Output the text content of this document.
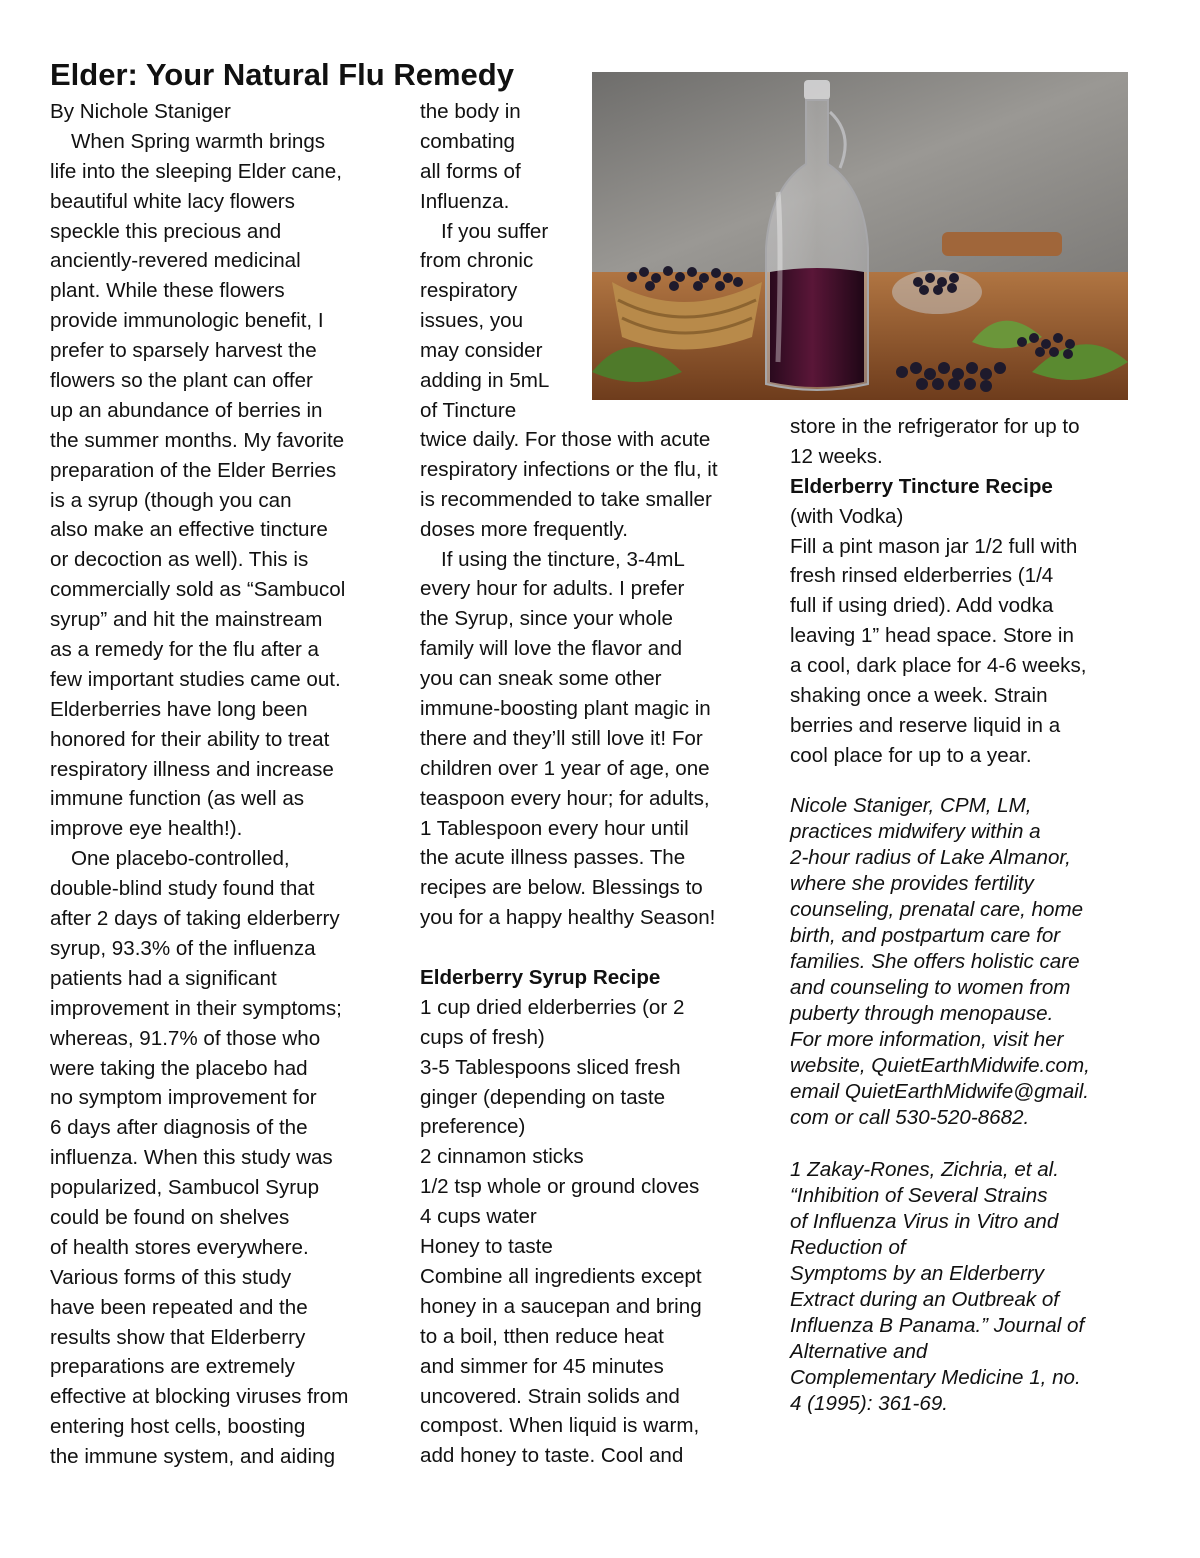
Elder: Your Natural Flu Remedy
By Nichole Staniger
When Spring warmth brings
life into the sleeping Elder cane,
beautiful white lacy flowers
speckle this precious and
anciently-revered medicinal
plant. While these flowers
provide immunologic benefit, I
prefer to sparsely harvest the
flowers so the plant can offer
up an abundance of berries in
the summer months. My favorite
preparation of the Elder Berries
is a syrup (though you can
also make an effective tincture
or decoction as well). This is
commercially sold as “Sambucol
syrup” and hit the mainstream
as a remedy for the flu after a
few important studies came out.
Elderberries have long been
honored for their ability to treat
respiratory illness and increase
immune function (as well as
improve eye health!).
One placebo-controlled,
double-blind study found that
after 2 days of taking elderberry
syrup, 93.3% of the influenza
patients had a significant
improvement in their symptoms;
whereas, 91.7% of those who
were taking the placebo had
no symptom improvement for
6 days after diagnosis of the
influenza. When this study was
popularized, Sambucol Syrup
could be found on shelves
of health stores everywhere.
Various forms of this study
have been repeated and the
results show that Elderberry
preparations are extremely
effective at blocking viruses from
entering host cells, boosting
the immune system, and aiding
the body in
combating
all forms of
Influenza.
If you suffer
from chronic
respiratory
issues, you
may consider
adding in 5mL
of Tincture
twice daily. For those with acute
respiratory infections or the flu, it
is recommended to take smaller
doses more frequently.
If using the tincture, 3-4mL
every hour for adults. I prefer
the Syrup, since your whole
family will love the flavor and
you can sneak some other
immune-boosting plant magic in
there and they’ll still love it! For
children over 1 year of age, one
teaspoon every hour; for adults,
1 Tablespoon every hour until
the acute illness passes. The
recipes are below. Blessings to
you for a happy healthy Season!
Elderberry Syrup Recipe
1 cup dried elderberries (or 2
cups of fresh)
3-5 Tablespoons sliced fresh
ginger (depending on taste
preference)
2 cinnamon sticks
1/2 tsp whole or ground cloves
4 cups water
Honey to taste
Combine all ingredients except
honey in a saucepan and bring
to a boil, tthen reduce heat
and simmer for 45 minutes
uncovered. Strain solids and
compost. When liquid is warm,
add honey to taste. Cool and
store in the refrigerator for up to
12 weeks.
Elderberry Tincture Recipe
(with Vodka)
Fill a pint mason jar 1/2 full with
fresh rinsed elderberries (1/4
full if using dried). Add vodka
leaving 1” head space. Store in
a cool, dark place for 4-6 weeks,
shaking once a week. Strain
berries and reserve liquid in a
cool place for up to a year.
Nicole Staniger, CPM, LM,
practices midwifery within a
2-hour radius of Lake Almanor,
where she provides fertility
counseling, prenatal care, home
birth, and postpartum care for
families. She offers holistic care
and counseling to women from
puberty through menopause.
For more information, visit her
website, QuietEarthMidwife.com,
email QuietEarthMidwife@gmail.
com or call 530-520-8682.
1 Zakay-Rones, Zichria, et al.
“Inhibition of Several Strains
of Influenza Virus in Vitro and
Reduction of
Symptoms by an Elderberry
Extract during an Outbreak of
Influenza B Panama.” Journal of
Alternative and
Complementary Medicine 1, no.
4 (1995): 361-69.
